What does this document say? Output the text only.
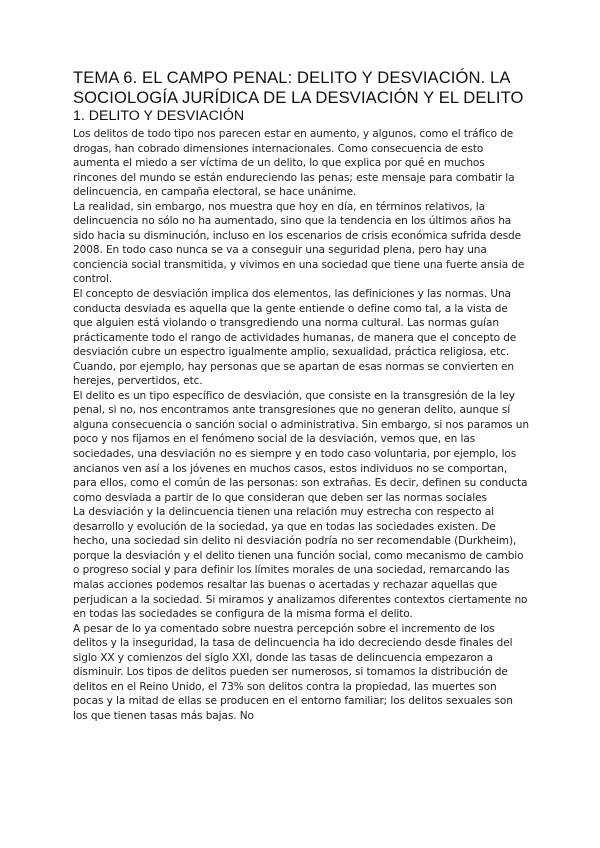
TEMA 6. EL CAMPO PENAL: DELITO Y DESVIACIÓN. LA SOCIOLOGÍA JURÍDICA DE LA DESVIACIÓN Y EL DELITO
1. DELITO Y DESVIACIÓN

Los delitos de todo tipo nos parecen estar en aumento, y algunos, como el tráfico de drogas, han cobrado dimensiones internacionales. Como consecuencia de esto aumenta el miedo a ser víctima de un delito, lo que explica por qué en muchos rincones del mundo se están endureciendo las penas; este mensaje para combatir la delincuencia, en campaña electoral, se hace unánime.

La realidad, sin embargo, nos muestra que hoy en día, en términos relativos, la delincuencia no sólo no ha aumentado, sino que la tendencia en los últimos años ha sido hacia su disminución, incluso en los escenarios de crisis económica sufrida desde 2008. En todo caso nunca se va a conseguir una seguridad plena, pero hay una conciencia social transmitida, y vivimos en una sociedad que tiene una fuerte ansia de control.

El concepto de desviación implica dos elementos, las definiciones y las normas. Una conducta desviada es aquella que la gente entiende o define como tal, a la vista de que alguien está violando o transgrediendo una norma cultural. Las normas guían prácticamente todo el rango de actividades humanas, de manera que el concepto de desviación cubre un espectro igualmente amplio, sexualidad, práctica religiosa, etc. Cuando, por ejemplo, hay personas que se apartan de esas normas se convierten en herejes, pervertidos, etc.

El delito es un tipo específico de desviación, que consiste en la transgresión de la ley penal, si no, nos encontramos ante transgresiones que no generan delito, aunque sí alguna consecuencia o sanción social o administrativa. Sin embargo, si nos paramos un poco y nos fijamos en el fenómeno social de la desviación, vemos que, en las sociedades, una desviación no es siempre y en todo caso voluntaria, por ejemplo, los ancianos ven así a los jóvenes en muchos casos, estos individuos no se comportan, para ellos, como el común de las personas: son extrañas. Es decir, definen su conducta como desviada a partir de lo que consideran que deben ser las normas sociales

La desviación y la delincuencia tienen una relación muy estrecha con respecto al desarrollo y evolución de la sociedad, ya que en todas las sociedades existen. De hecho, una sociedad sin delito ni desviación podría no ser recomendable (Durkheim), porque la desviación y el delito tienen una función social, como mecanismo de cambio o progreso social y para definir los límites morales de una sociedad, remarcando las malas acciones podemos resaltar las buenas o acertadas y rechazar aquellas que perjudican a la sociedad. Si miramos y analizamos diferentes contextos ciertamente no en todas las sociedades se configura de la misma forma el delito.

A pesar de lo ya comentado sobre nuestra percepción sobre el incremento de los delitos y la inseguridad, la tasa de delincuencia ha ido decreciendo desde finales del siglo XX y comienzos del siglo XXI, donde las tasas de delincuencia empezaron a disminuir. Los tipos de delitos pueden ser numerosos, si tomamos la distribución de delitos en el Reino Unido, el 73% son delitos contra la propiedad, las muertes son pocas y la mitad de ellas se producen en el entorno familiar; los delitos sexuales son los que tienen tasas más bajas. No
